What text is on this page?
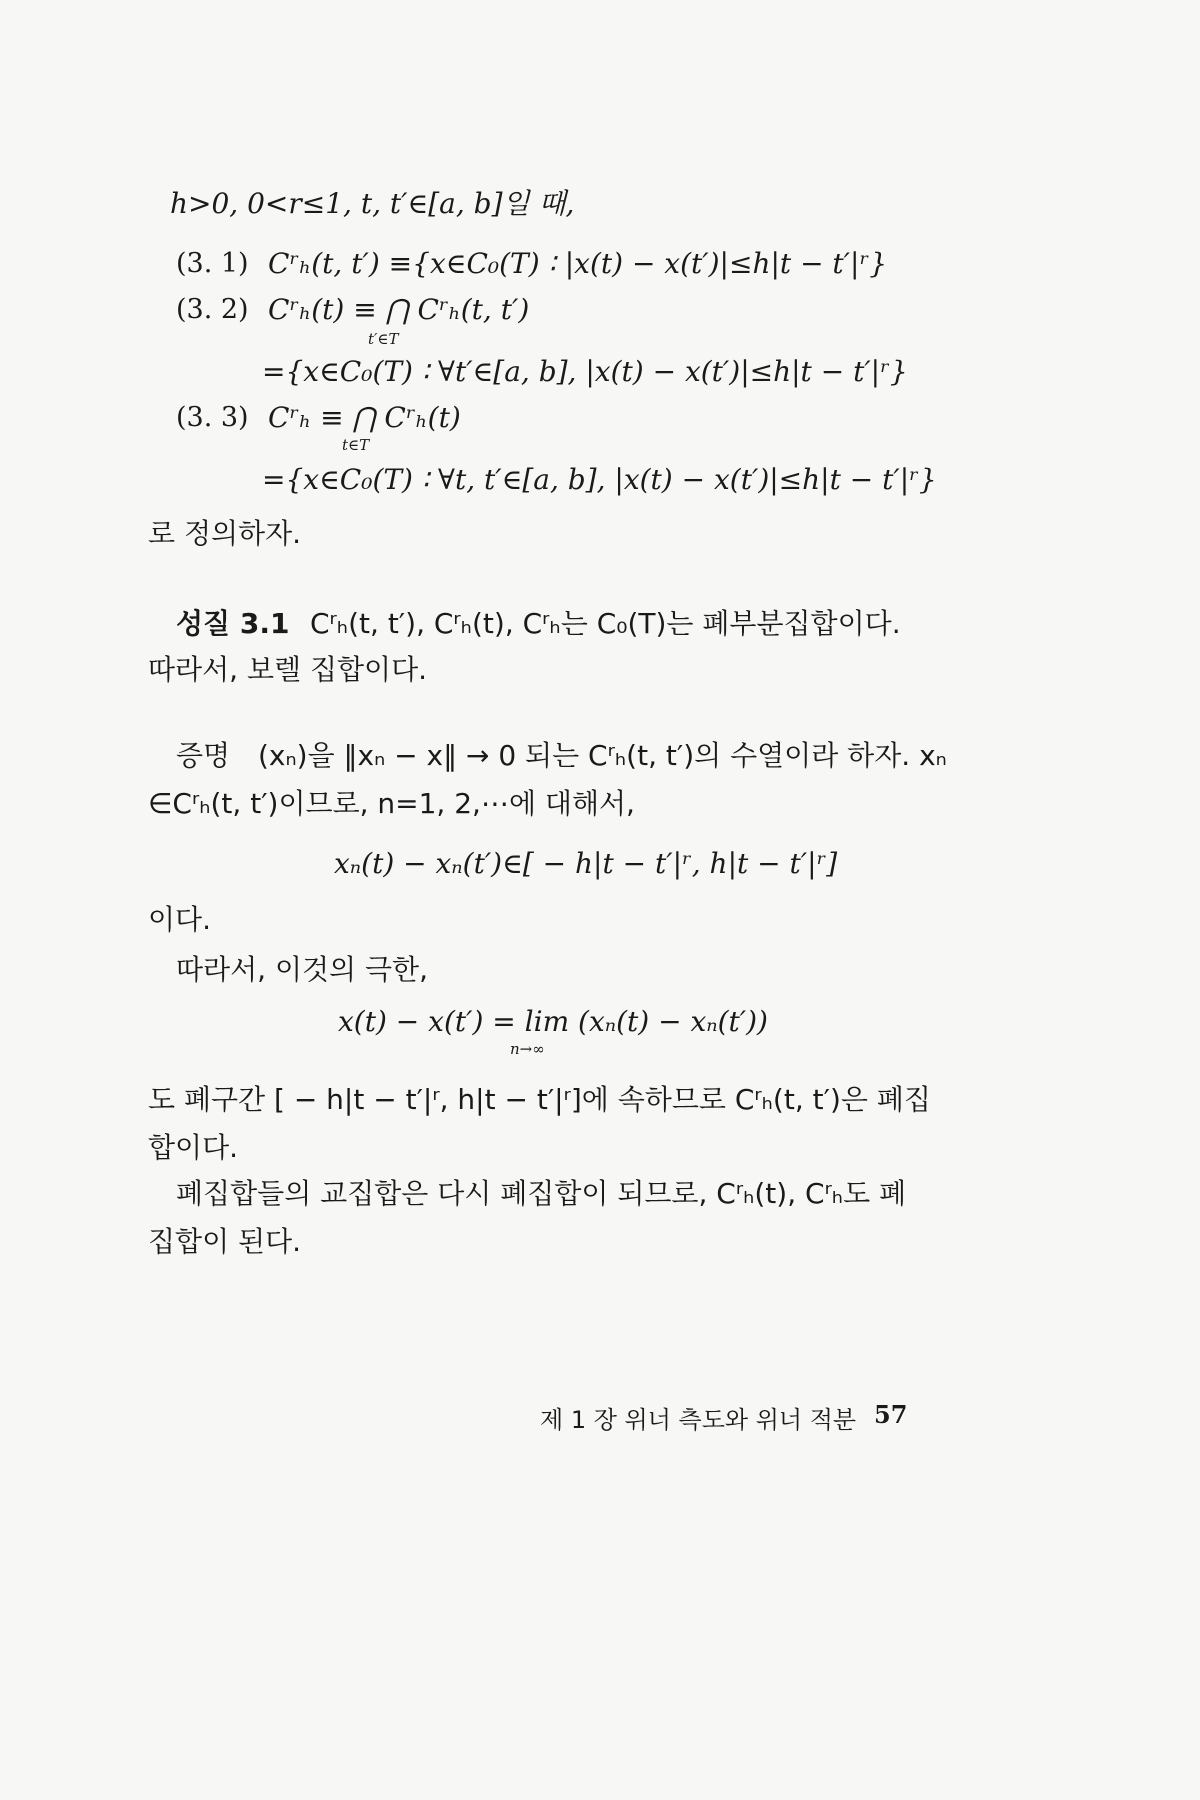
h>0, 0<r≤1, t, t′∈[a, b]일 때,
(3. 1) Cʳₕ(t, t′) ≡{x∈C₀(T) ∶ |x(t) − x(t′)|≤h|t − t′|ʳ}
(3. 2) Cʳₕ(t) ≡ ⋂ Cʳₕ(t, t′)
t′∈T
={x∈C₀(T) ∶ ∀t′∈[a, b], |x(t) − x(t′)|≤h|t − t′|ʳ}
(3. 3) Cʳₕ ≡ ⋂ Cʳₕ(t)
t∈T
={x∈C₀(T) ∶ ∀t, t′∈[a, b], |x(t) − x(t′)|≤h|t − t′|ʳ}
로 정의하자.
성질 3.1 Cʳₕ(t, t′), Cʳₕ(t), Cʳₕ는 C₀(T)는 폐부분집합이다.
따라서, 보렐 집합이다.
증명 (xₙ)을 ‖xₙ − x‖ → 0 되는 Cʳₕ(t, t′)의 수열이라 하자. xₙ
∈Cʳₕ(t, t′)이므로, n=1, 2,⋯에 대해서,
xₙ(t) − xₙ(t′)∈[ − h|t − t′|ʳ, h|t − t′|ʳ]
이다.
따라서, 이것의 극한,
x(t) − x(t′) = lim (xₙ(t) − xₙ(t′))
n→∞
도 폐구간 [ − h|t − t′|ʳ, h|t − t′|ʳ]에 속하므로 Cʳₕ(t, t′)은 폐집
합이다.
폐집합들의 교집합은 다시 폐집합이 되므로, Cʳₕ(t), Cʳₕ도 폐
집합이 된다.
제 1 장 위너 측도와 위너 적분 57
